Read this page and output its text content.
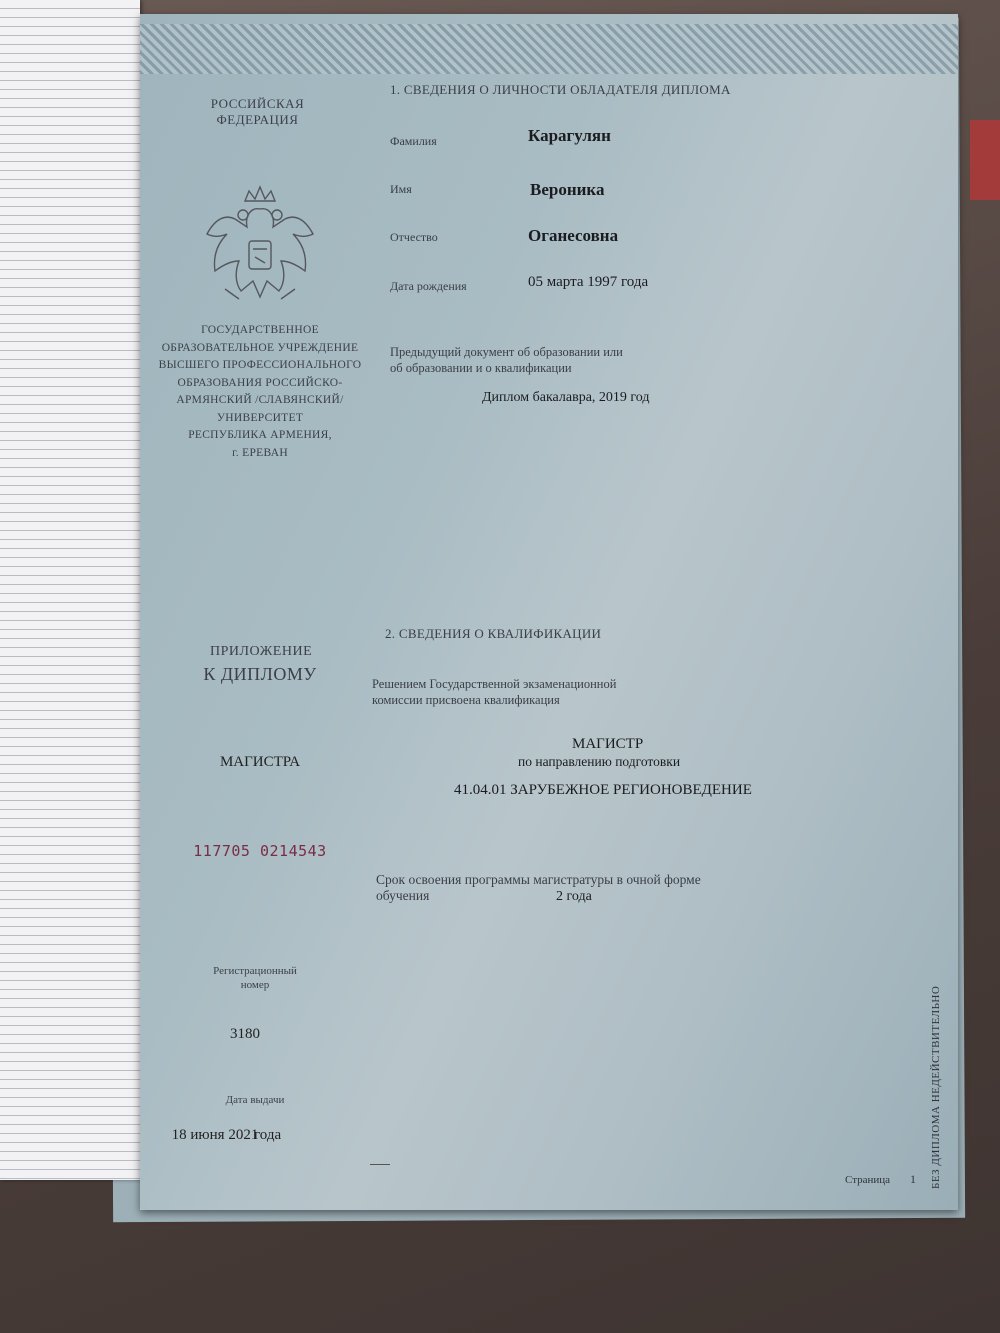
РОССИЙСКАЯ
ФЕДЕРАЦИЯ
ГОСУДАРСТВЕННОЕ
ОБРАЗОВАТЕЛЬНОЕ УЧРЕЖДЕНИЕ
ВЫСШЕГО ПРОФЕССИОНАЛЬНОГО
ОБРАЗОВАНИЯ РОССИЙСКО-
АРМЯНСКИЙ /СЛАВЯНСКИЙ/
УНИВЕРСИТЕТ
РЕСПУБЛИКА АРМЕНИЯ,
г. ЕРЕВАН
ПРИЛОЖЕНИЕ
К ДИПЛОМУ
МАГИСТРА
117705 0214543
Регистрационный
номер
3180
Дата выдачи
18 июня 2021
года
1. СВЕДЕНИЯ О ЛИЧНОСТИ ОБЛАДАТЕЛЯ ДИПЛОМА
Фамилия	Карагулян
Имя	Вероника
Отчество	Оганесовна
Дата рождения	05 марта 1997 года
Предыдущий документ об образовании или
об образовании и о квалификации
Диплом бакалавра, 2019 год
2. СВЕДЕНИЯ О КВАЛИФИКАЦИИ
Решением Государственной экзаменационной
комиссии присвоена квалификация
МАГИСТР
по направлению подготовки
41.04.01 ЗАРУБЕЖНОЕ РЕГИОНОВЕДЕНИЕ
Срок освоения программы магистратуры в очной форме
обучения	2 года
Страница 1 БЕЗ ДИПЛОМА НЕДЕЙСТВИТЕЛЬНО
